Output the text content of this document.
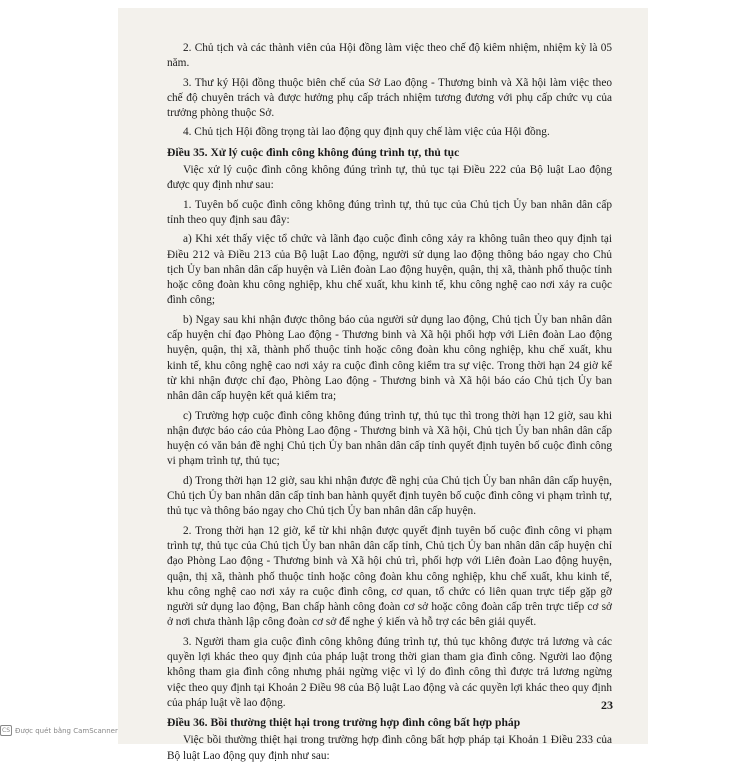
2. Chủ tịch và các thành viên của Hội đồng làm việc theo chế độ kiêm nhiệm, nhiệm kỳ là 05 năm.

3. Thư ký Hội đồng thuộc biên chế của Sở Lao động - Thương binh và Xã hội làm việc theo chế độ chuyên trách và được hưởng phụ cấp trách nhiệm tương đương với phụ cấp chức vụ của trưởng phòng thuộc Sở.

4. Chủ tịch Hội đồng trọng tài lao động quy định quy chế làm việc của Hội đồng.

Điều 35. Xử lý cuộc đình công không đúng trình tự, thủ tục

Việc xử lý cuộc đình công không đúng trình tự, thủ tục tại Điều 222 của Bộ luật Lao động được quy định như sau:

1. Tuyên bố cuộc đình công không đúng trình tự, thủ tục của Chủ tịch Ủy ban nhân dân cấp tỉnh theo quy định sau đây:

a) Khi xét thấy việc tổ chức và lãnh đạo cuộc đình công xảy ra không tuân theo quy định tại Điều 212 và Điều 213 của Bộ luật Lao động, người sử dụng lao động thông báo ngay cho Chủ tịch Ủy ban nhân dân cấp huyện và Liên đoàn Lao động huyện, quận, thị xã, thành phố thuộc tỉnh hoặc công đoàn khu công nghiệp, khu chế xuất, khu kinh tế, khu công nghệ cao nơi xảy ra cuộc đình công;

b) Ngay sau khi nhận được thông báo của người sử dụng lao động, Chủ tịch Ủy ban nhân dân cấp huyện chỉ đạo Phòng Lao động - Thương binh và Xã hội phối hợp với Liên đoàn Lao động huyện, quận, thị xã, thành phố thuộc tỉnh hoặc công đoàn khu công nghiệp, khu chế xuất, khu kinh tế, khu công nghệ cao nơi xảy ra cuộc đình công kiểm tra sự việc. Trong thời hạn 24 giờ kể từ khi nhận được chỉ đạo, Phòng Lao động - Thương binh và Xã hội báo cáo Chủ tịch Ủy ban nhân dân cấp huyện kết quả kiểm tra;

c) Trường hợp cuộc đình công không đúng trình tự, thủ tục thì trong thời hạn 12 giờ, sau khi nhận được báo cáo của Phòng Lao động - Thương binh và Xã hội, Chủ tịch Ủy ban nhân dân cấp huyện có văn bản đề nghị Chủ tịch Ủy ban nhân dân cấp tỉnh quyết định tuyên bố cuộc đình công vi phạm trình tự, thủ tục;

d) Trong thời hạn 12 giờ, sau khi nhận được đề nghị của Chủ tịch Ủy ban nhân dân cấp huyện, Chủ tịch Ủy ban nhân dân cấp tỉnh ban hành quyết định tuyên bố cuộc đình công vi phạm trình tự, thủ tục và thông báo ngay cho Chủ tịch Ủy ban nhân dân cấp huyện.

2. Trong thời hạn 12 giờ, kể từ khi nhận được quyết định tuyên bố cuộc đình công vi phạm trình tự, thủ tục của Chủ tịch Ủy ban nhân dân cấp tỉnh, Chủ tịch Ủy ban nhân dân cấp huyện chỉ đạo Phòng Lao động - Thương binh và Xã hội chủ trì, phối hợp với Liên đoàn Lao động huyện, quận, thị xã, thành phố thuộc tỉnh hoặc công đoàn khu công nghiệp, khu chế xuất, khu kinh tế, khu công nghệ cao nơi xảy ra cuộc đình công, cơ quan, tổ chức có liên quan trực tiếp gặp gỡ người sử dụng lao động, Ban chấp hành công đoàn cơ sở hoặc công đoàn cấp trên trực tiếp cơ sở ở nơi chưa thành lập công đoàn cơ sở để nghe ý kiến và hỗ trợ các bên giải quyết.

3. Người tham gia cuộc đình công không đúng trình tự, thủ tục không được trả lương và các quyền lợi khác theo quy định của pháp luật trong thời gian tham gia đình công. Người lao động không tham gia đình công nhưng phải ngừng việc vì lý do đình công thì được trả lương ngừng việc theo quy định tại Khoản 2 Điều 98 của Bộ luật Lao động và các quyền lợi khác theo quy định của pháp luật về lao động.

Điều 36. Bồi thường thiệt hại trong trường hợp đình công bất hợp pháp

Việc bồi thường thiệt hại trong trường hợp đình công bất hợp pháp tại Khoản 1 Điều 233 của Bộ luật Lao động quy định như sau:

23
CS Được quét bằng CamScanner
